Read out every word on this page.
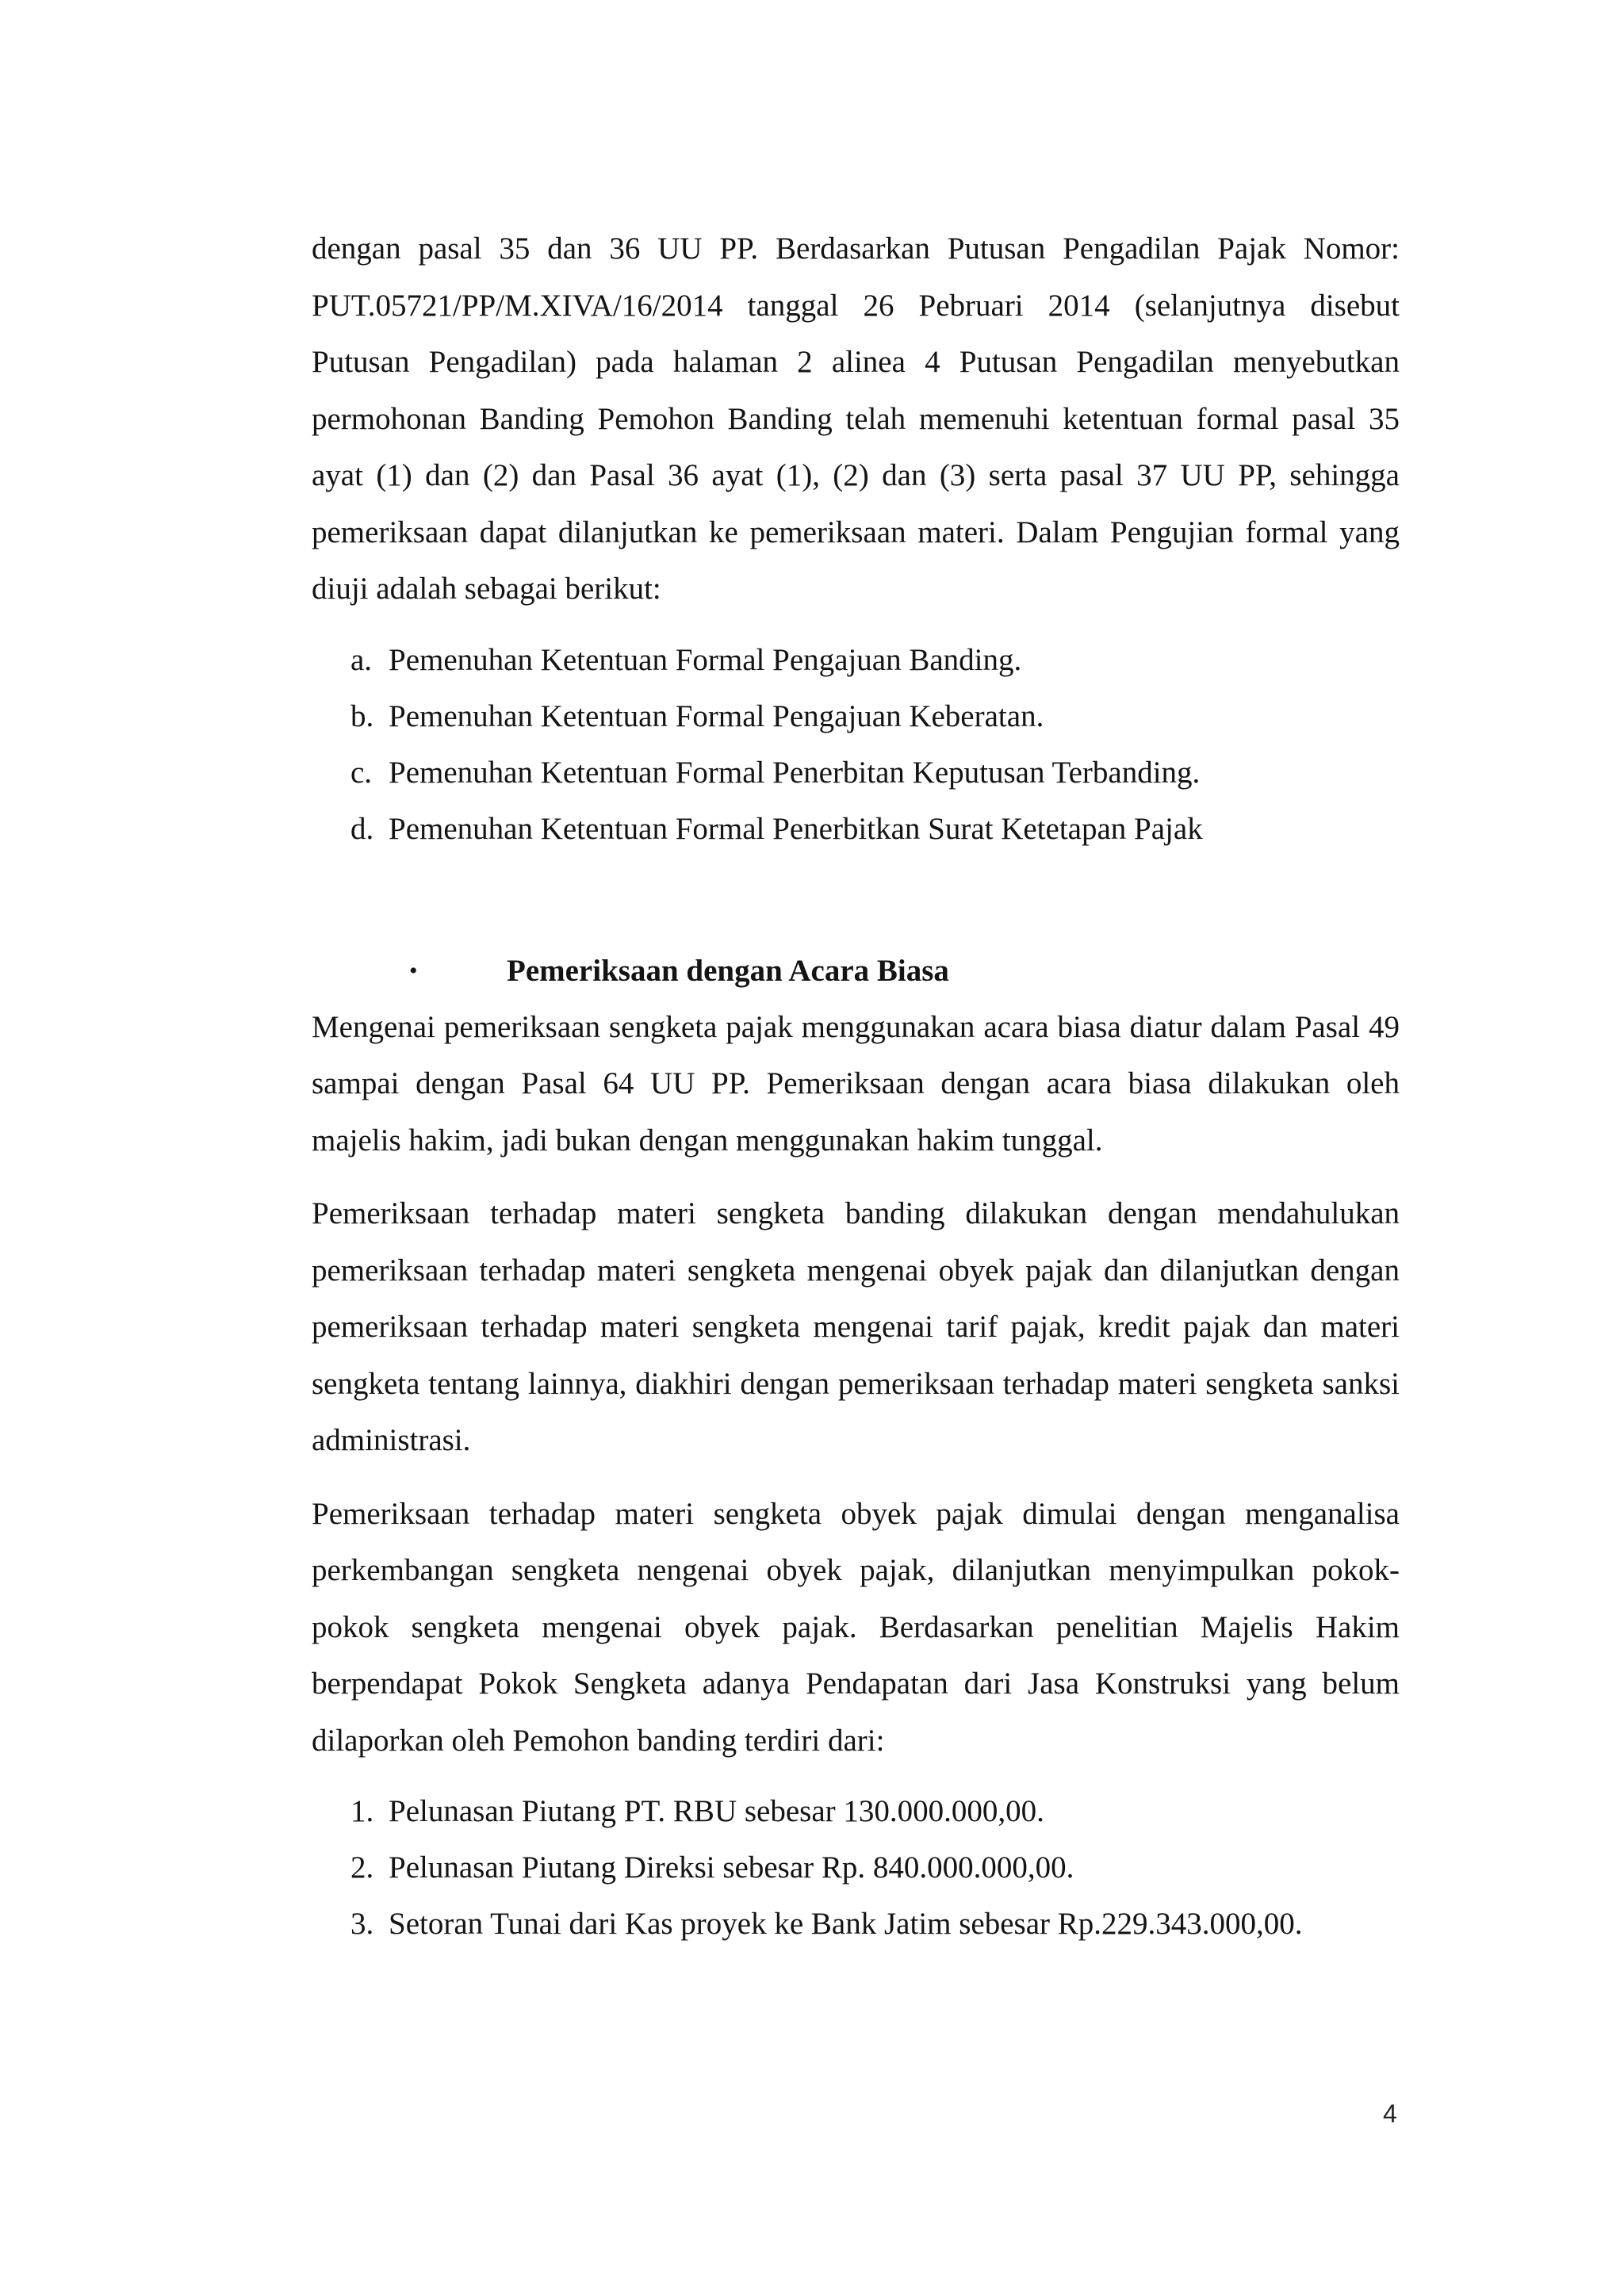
dengan pasal 35 dan 36 UU PP. Berdasarkan Putusan Pengadilan Pajak Nomor: PUT.05721/PP/M.XIVA/16/2014 tanggal 26 Pebruari 2014 (selanjutnya disebut Putusan Pengadilan) pada halaman 2 alinea 4 Putusan Pengadilan menyebutkan permohonan Banding Pemohon Banding telah memenuhi ketentuan formal pasal 35 ayat (1) dan (2) dan Pasal 36 ayat (1), (2) dan (3) serta pasal 37 UU PP, sehingga pemeriksaan dapat dilanjutkan ke pemeriksaan materi. Dalam Pengujian formal yang diuji adalah sebagai berikut:

a. Pemenuhan Ketentuan Formal Pengajuan Banding.
b. Pemenuhan Ketentuan Formal Pengajuan Keberatan.
c. Pemenuhan Ketentuan Formal Penerbitan Keputusan Terbanding.
d. Pemenuhan Ketentuan Formal Penerbitkan Surat Ketetapan Pajak
•	Pemeriksaan dengan Acara Biasa

Mengenai pemeriksaan sengketa pajak menggunakan acara biasa diatur dalam Pasal 49 sampai dengan Pasal 64 UU PP. Pemeriksaan dengan acara biasa dilakukan oleh majelis hakim, jadi bukan dengan menggunakan hakim tunggal.

Pemeriksaan terhadap materi sengketa banding dilakukan dengan mendahulukan pemeriksaan terhadap materi sengketa mengenai obyek pajak dan dilanjutkan dengan pemeriksaan terhadap materi sengketa mengenai tarif pajak, kredit pajak dan materi sengketa tentang lainnya, diakhiri dengan pemeriksaan terhadap materi sengketa sanksi administrasi.

Pemeriksaan terhadap materi sengketa obyek pajak dimulai dengan menganalisa perkembangan sengketa nengenai obyek pajak, dilanjutkan menyimpulkan pokok-pokok sengketa mengenai obyek pajak. Berdasarkan penelitian Majelis Hakim berpendapat Pokok Sengketa adanya Pendapatan dari Jasa Konstruksi yang belum dilaporkan oleh Pemohon banding terdiri dari:

1. Pelunasan Piutang PT. RBU sebesar 130.000.000,00.
2. Pelunasan Piutang Direksi sebesar Rp. 840.000.000,00.
3. Setoran Tunai dari Kas proyek ke Bank Jatim sebesar Rp.229.343.000,00.
4
